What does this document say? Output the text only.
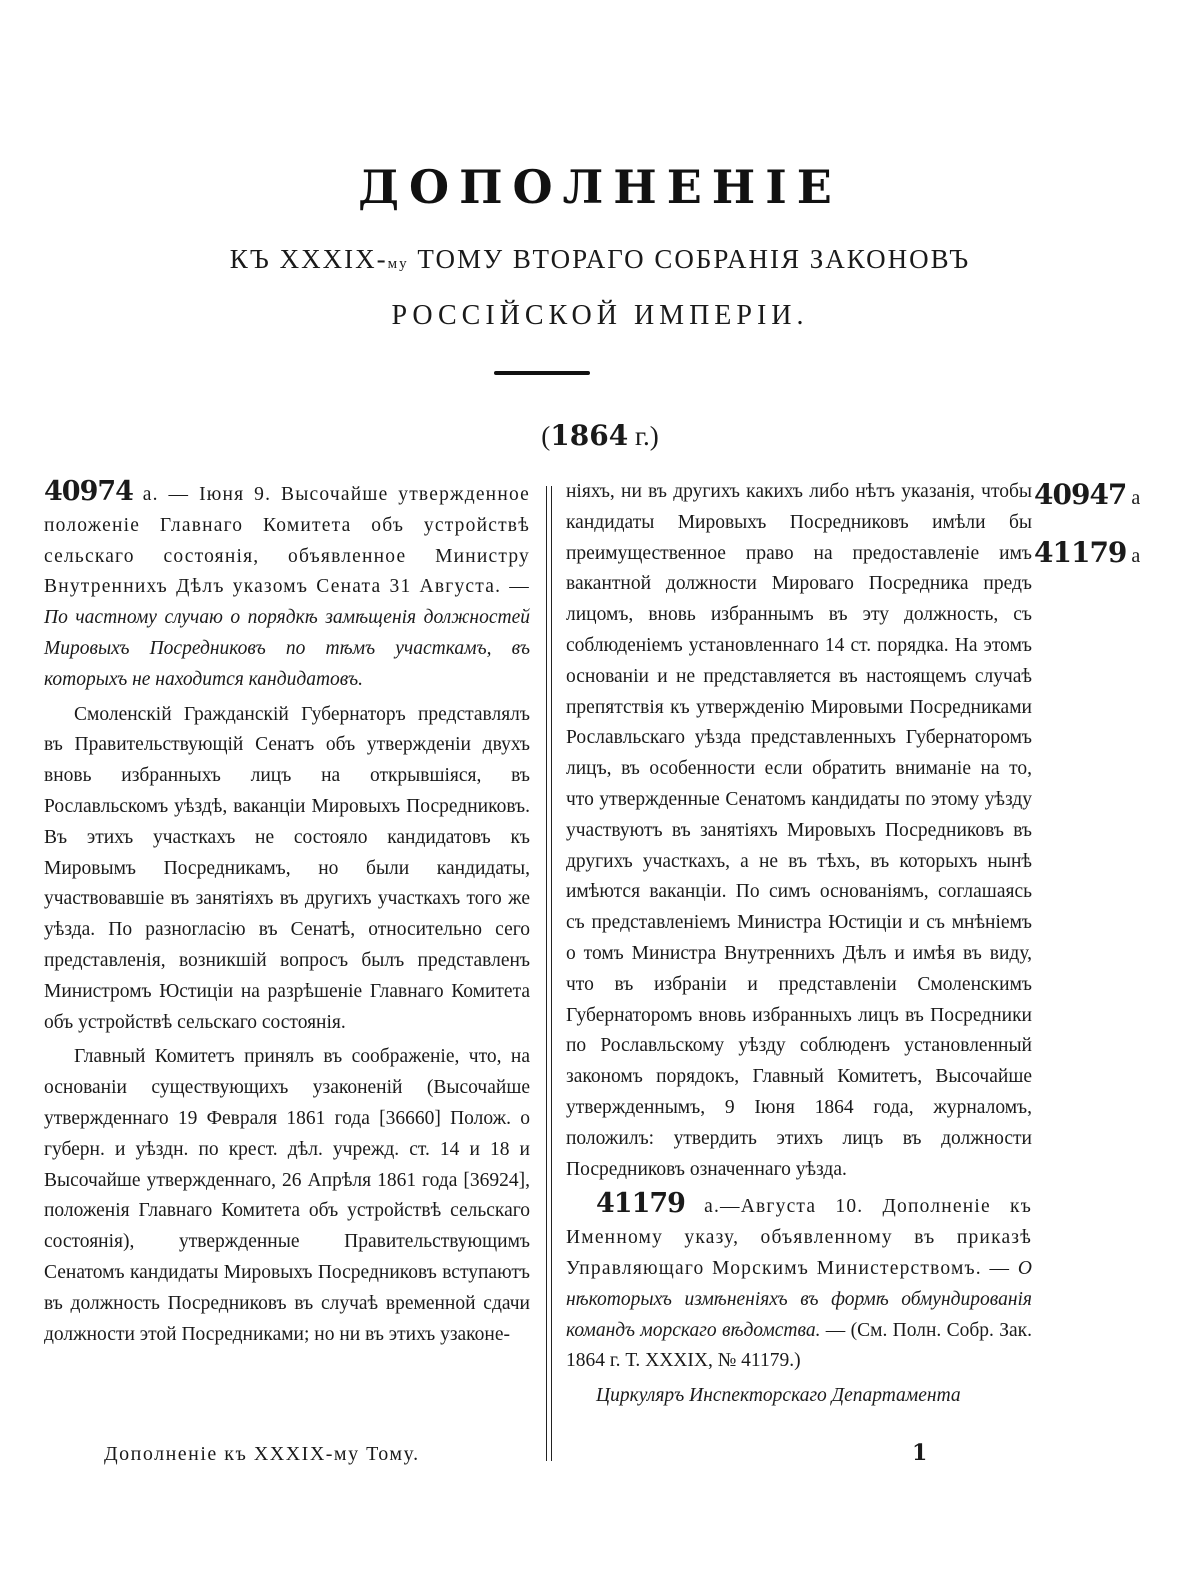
ДОПОЛНЕНІЕ
КЪ XXXIX-му ТОМУ ВТОРАГО СОБРАНІЯ ЗАКОНОВЪ
РОССІЙСКОЙ ИМПЕРІИ.
(1864 г.)

40974 а. — Іюня 9. Высочайше утвержденное положеніе Главнаго Комитета объ устройствѣ сельскаго состоянія, объявленное Министру Внутреннихъ Дѣлъ указомъ Сената 31 Августа. — По частному случаю о порядкѣ замѣщенія должностей Мировыхъ Посредниковъ по тѣмъ участкамъ, въ которыхъ не находится кандидатовъ.

Смоленскій Гражданскій Губернаторъ представлялъ въ Правительствующій Сенатъ объ утвержденіи двухъ вновь избранныхъ лицъ на открывшіяся, въ Рославльскомъ уѣздѣ, ваканціи Мировыхъ Посредниковъ. Въ этихъ участкахъ не состояло кандидатовъ къ Мировымъ Посредникамъ, но были кандидаты, участвовавшіе въ занятіяхъ въ другихъ участкахъ того же уѣзда. По разногласію въ Сенатѣ, относительно сего представленія, возникшій вопросъ былъ представленъ Министромъ Юстиціи на разрѣшеніе Главнаго Комитета объ устройствѣ сельскаго состоянія.

Главный Комитетъ принялъ въ соображеніе, что, на основаніи существующихъ узаконеній (Высочайше утвержденнаго 19 Февраля 1861 года [36660] Полож. о губерн. и уѣздн. по крест. дѣл. учрежд. ст. 14 и 18 и Высочайше утвержденнаго, 26 Апрѣля 1861 года [36924], положенія Главнаго Комитета объ устройствѣ сельскаго состоянія), утвержденные Правительствующимъ Сенатомъ кандидаты Мировыхъ Посредниковъ вступаютъ въ должность Посредниковъ въ случаѣ временной сдачи должности этой Посредниками; но ни въ этихъ узаконе-

ніяхъ, ни въ другихъ какихъ либо нѣтъ указанія, чтобы кандидаты Мировыхъ Посредниковъ имѣли бы преимущественное право на предоставленіе имъ вакантной должности Мироваго Посредника предъ лицомъ, вновь избраннымъ въ эту должность, съ соблюденіемъ установленнаго 14 ст. порядка. На этомъ основаніи и не представляется въ настоящемъ случаѣ препятствія къ утвержденію Мировыми Посредниками Рославльскаго уѣзда представленныхъ Губернаторомъ лицъ, въ особенности если обратить вниманіе на то, что утвержденные Сенатомъ кандидаты по этому уѣзду участвуютъ въ занятіяхъ Мировыхъ Посредниковъ въ другихъ участкахъ, а не въ тѣхъ, въ которыхъ нынѣ имѣются ваканціи. По симъ основаніямъ, соглашаясь съ представленіемъ Министра Юстиціи и съ мнѣніемъ о томъ Министра Внутреннихъ Дѣлъ и имѣя въ виду, что въ избраніи и представленіи Смоленскимъ Губернаторомъ вновь избранныхъ лицъ въ Посредники по Рославльскому уѣзду соблюденъ установленный закономъ порядокъ, Главный Комитетъ, Высочайше утвержденнымъ, 9 Іюня 1864 года, журналомъ, положилъ: утвердить этихъ лицъ въ должности Посредниковъ означеннаго уѣзда.

41179 а.—Августа 10. Дополненіе къ Именному указу, объявленному въ приказѣ Управляющаго Морскимъ Министерствомъ. — О нѣкоторыхъ измѣненіяхъ въ формѣ обмундированія командъ морскаго вѣдомства. — (См. Полн. Собр. Зак. 1864 г. Т. XXXIX, № 41179.)

Циркуляръ Инспекторскаго Департамента

40947 а
41179 а
Дополненіе къ XXXIX-му Тому.	1
